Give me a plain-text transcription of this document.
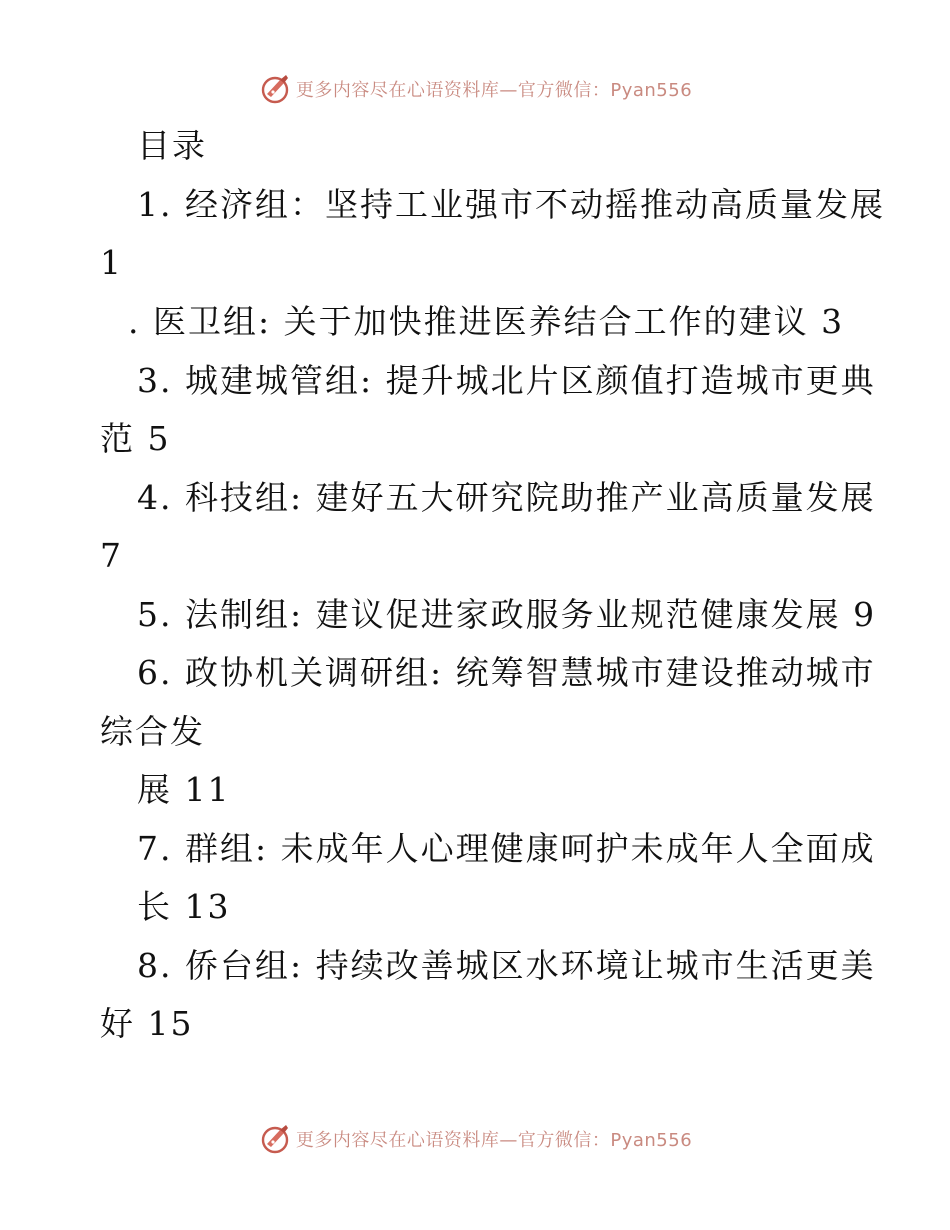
更多内容尽在心语资料库—官方微信：Pyan556
目录
1. 经济组：坚持工业强市不动摇推动高质量发展
1
. 医卫组: 关于加快推进医养结合工作的建议 3
3. 城建城管组: 提升城北片区颜值打造城市更典
范 5
4. 科技组: 建好五大研究院助推产业高质量发展
7
5. 法制组: 建议促进家政服务业规范健康发展 9
6. 政协机关调研组: 统筹智慧城市建设推动城市
综合发
展 11
7. 群组: 未成年人心理健康呵护未成年人全面成
长 13
8. 侨台组: 持续改善城区水环境让城市生活更美
好 15
更多内容尽在心语资料库—官方微信：Pyan556
